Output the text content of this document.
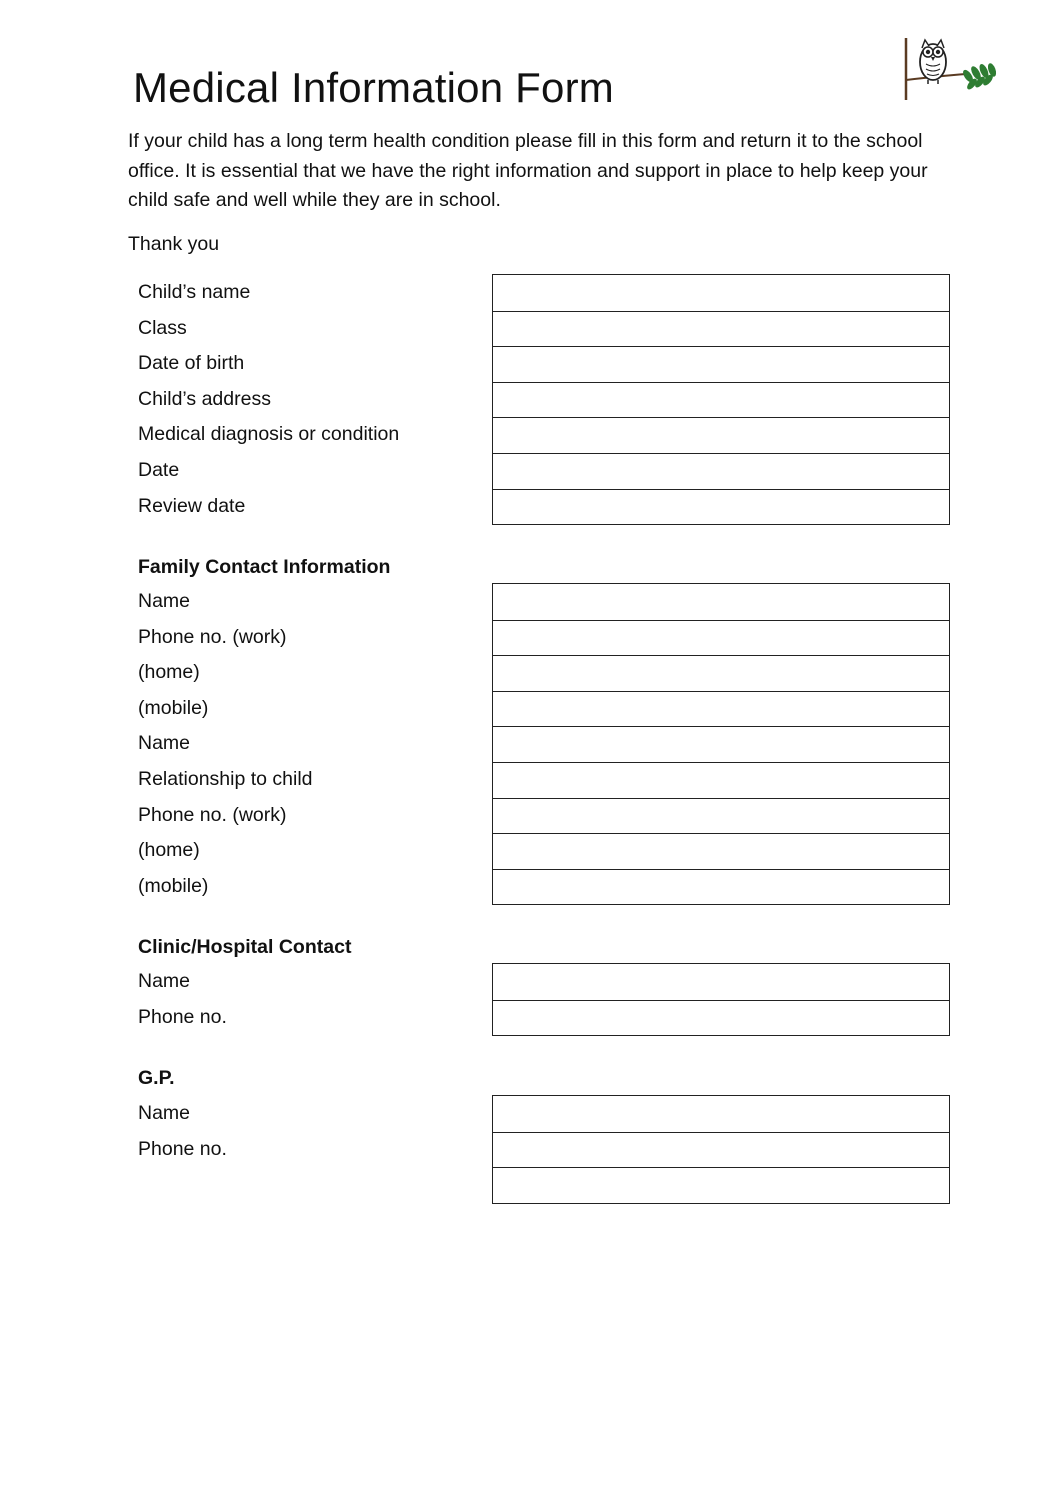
Medical Information Form

If your child has a long term health condition please fill in this form and return it to the school office. It is essential that we have the right information and support in place to help keep your child safe and well while they are in school.

Thank you

Child’s name
Class
Date of birth
Child’s address
Medical diagnosis or condition
Date
Review date
Family Contact Information
Name
Phone no. (work)
(home)
(mobile)
Name
Relationship to child
Phone no. (work)
(home)
(mobile)
Clinic/Hospital Contact
Name
Phone no.
G.P.
Name
Phone no.
